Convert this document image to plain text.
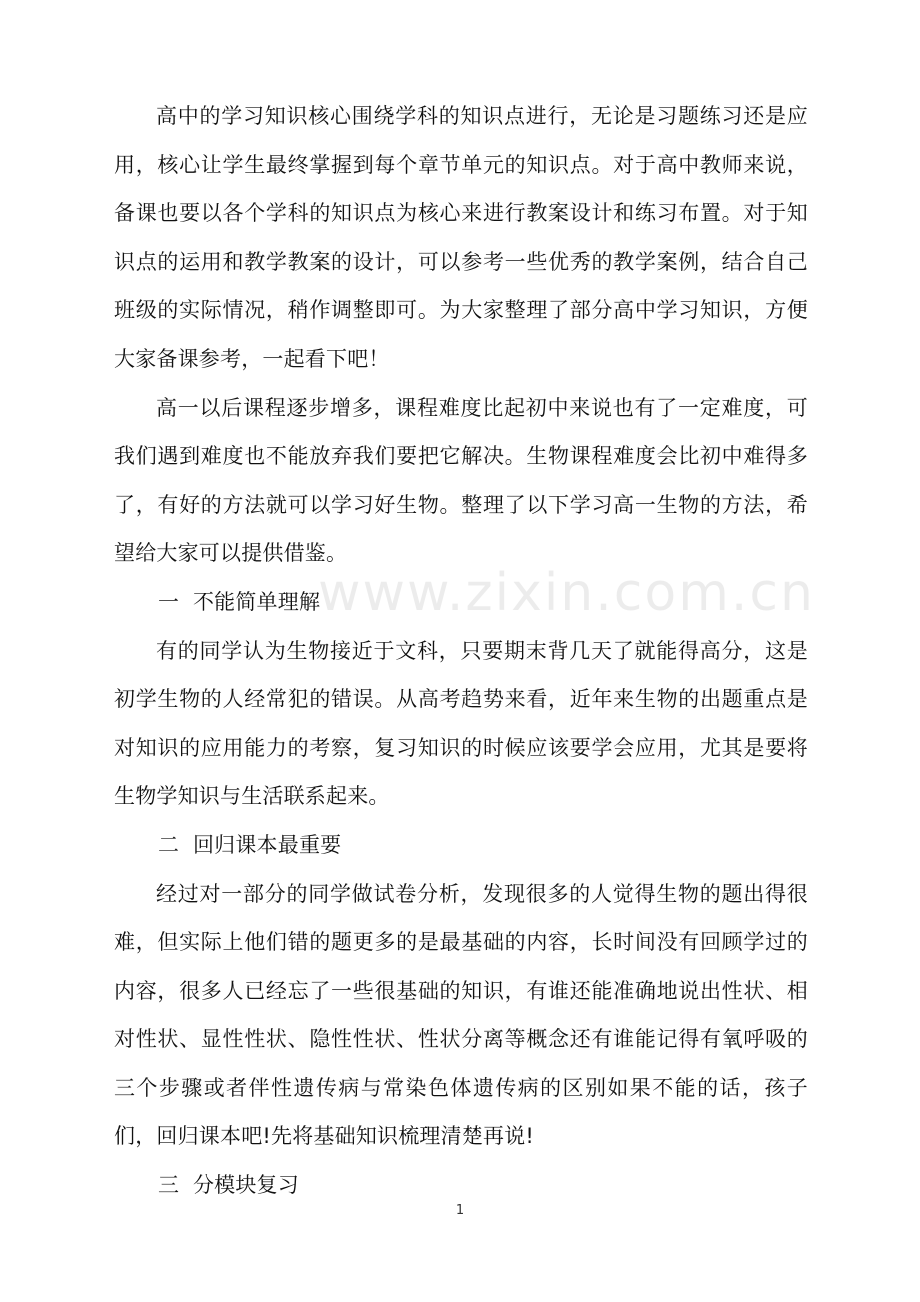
www.zixin.com.cn

高中的学习知识核心围绕学科的知识点进行，无论是习题练习还是应用，核心让学生最终掌握到每个章节单元的知识点。对于高中教师来说，备课也要以各个学科的知识点为核心来进行教案设计和练习布置。对于知识点的运用和教学教案的设计，可以参考一些优秀的教学案例，结合自己班级的实际情况，稍作调整即可。为大家整理了部分高中学习知识，方便大家备课参考，一起看下吧！

高一以后课程逐步增多，课程难度比起初中来说也有了一定难度，可我们遇到难度也不能放弃我们要把它解决。生物课程难度会比初中难得多了，有好的方法就可以学习好生物。整理了以下学习高一生物的方法，希望给大家可以提供借鉴。

一  不能简单理解

有的同学认为生物接近于文科，只要期末背几天了就能得高分，这是初学生物的人经常犯的错误。从高考趋势来看，近年来生物的出题重点是对知识的应用能力的考察，复习知识的时候应该要学会应用，尤其是要将生物学知识与生活联系起来。

二  回归课本最重要

经过对一部分的同学做试卷分析，发现很多的人觉得生物的题出得很难，但实际上他们错的题更多的是最基础的内容，长时间没有回顾学过的内容，很多人已经忘了一些很基础的知识，有谁还能准确地说出性状、相对性状、显性性状、隐性性状、性状分离等概念还有谁能记得有氧呼吸的三个步骤或者伴性遗传病与常染色体遗传病的区别如果不能的话，孩子们，回归课本吧!先将基础知识梳理清楚再说!

三  分模块复习

1
